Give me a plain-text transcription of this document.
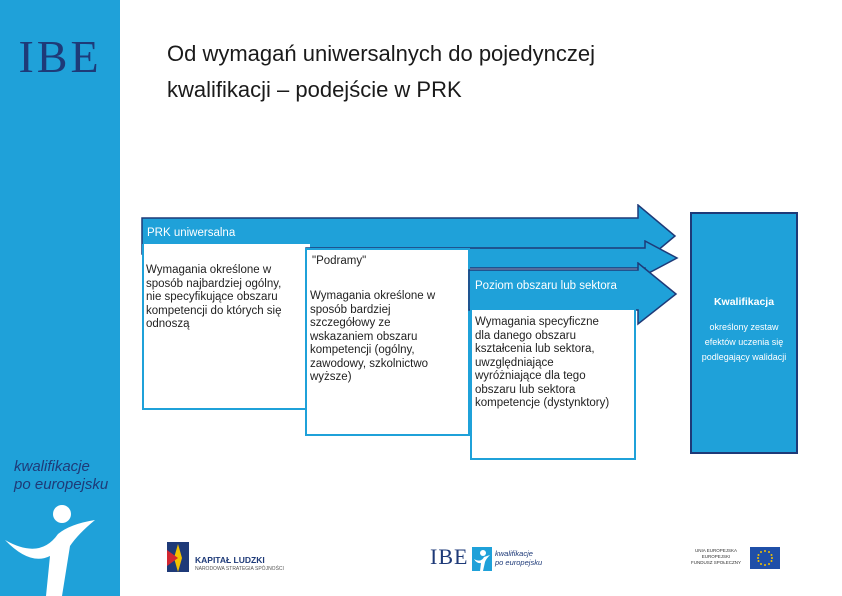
IBE
kwalifikacje
po europejsku
Od wymagań uniwersalnych do pojedynczej
kwalifikacji – podejście w PRK
PRK uniwersalna
Wymagania określone w
sposób najbardziej ogólny,
nie specyfikujące obszaru
kompetencji do których się
odnoszą
"Podramy"
Wymagania określone w
sposób bardziej
szczegółowy ze
wskazaniem obszaru
kompetencji (ogólny,
zawodowy, szkolnictwo
wyższe)
Poziom obszaru lub sektora
Wymagania specyficzne
dla danego obszaru
kształcenia lub sektora,
uwzględniające
wyróżniające dla tego
obszaru lub sektora
kompetencje (dystynktory)
Kwalifikacja
określony zestaw efektów uczenia się podlegający walidacji
KAPITAŁ LUDZKI
NARODOWA STRATEGIA SPÓJNOŚCI	IBE	kwalifikacje
po europejsku
UNIA EUROPEJSKA
EUROPEJSKI
FUNDUSZ SPOŁECZNY
